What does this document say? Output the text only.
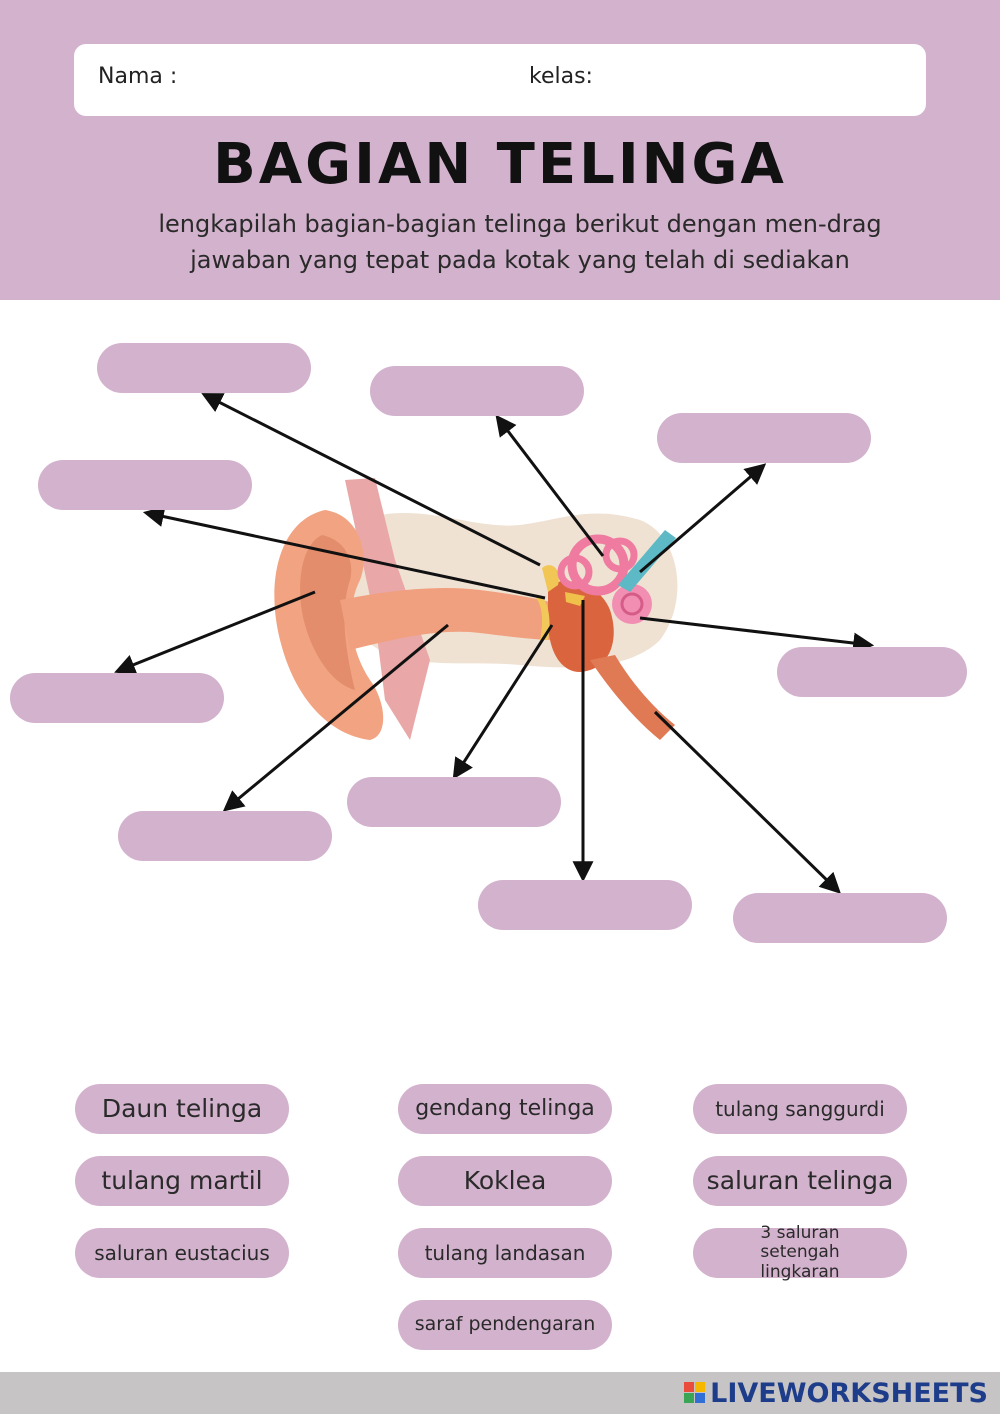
Nama :	kelas:
BAGIAN TELINGA
lengkapilah bagian-bagian telinga berikut dengan men-drag
jawaban yang tepat pada kotak yang telah di sediakan
Daun telinga	gendang telinga	tulang sanggurdi
tulang martil	Koklea	saluran telinga
saluran eustacius	tulang landasan
3 saluran setengah lingkaran
saraf pendengaran
LIVEWORKSHEETS
